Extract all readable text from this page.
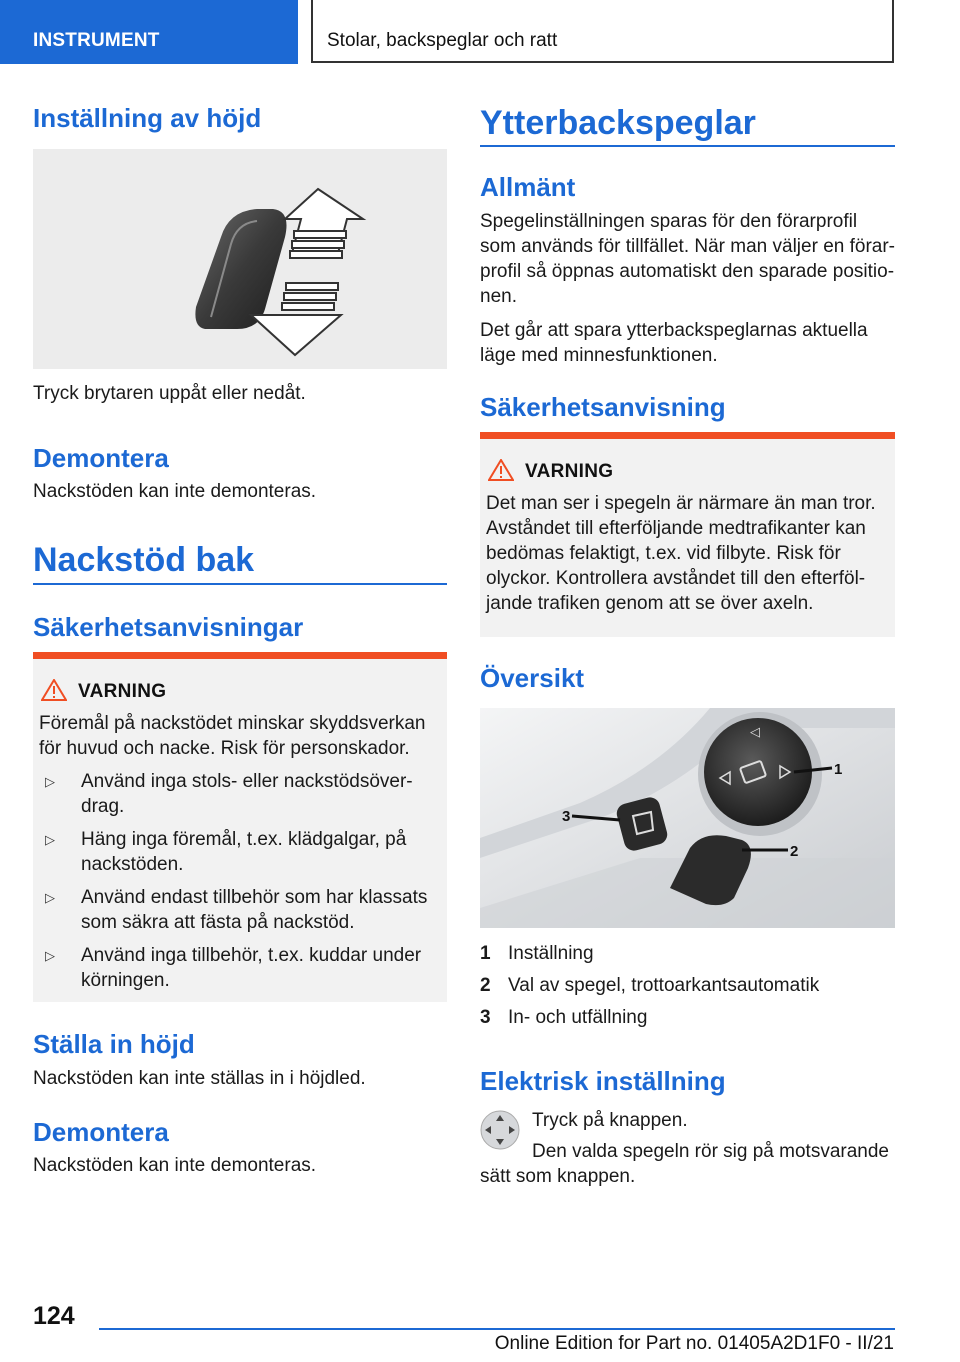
INSTRUMENT	Stolar, backspeglar och ratt
Inställning av höjd
Tryck brytaren uppåt eller nedåt.
Demontera
Nackstöden kan inte demonteras.
Nackstöd bak
Säkerhetsanvisningar
VARNING
Föremål på nackstödet minskar skyddsverkan för huvud och nacke. Risk för personskador.
▷ Använd inga stols- eller nackstödsöver-drag.
▷ Häng inga föremål, t.ex. klädgalgar, på nackstöden.
▷ Använd endast tillbehör som har klassats som säkra att fästa på nackstöd.
▷ Använd inga tillbehör, t.ex. kuddar under körningen.
Ställa in höjd
Nackstöden kan inte ställas in i höjdled.
Demontera
Nackstöden kan inte demonteras.
Ytterbackspeglar
Allmänt
Spegelinställningen sparas för den förarprofil som används för tillfället. När man väljer en förar-profil så öppnas automatiskt den sparade positio-nen.
Det går att spara ytterbackspeglarnas aktuella läge med minnesfunktionen.
Säkerhetsanvisning
VARNING
Det man ser i spegeln är närmare än man tror. Avståndet till efterföljande medtrafikanter kan bedömas felaktigt, t.ex. vid filbyte. Risk för olyckor. Kontrollera avståndet till den efterföl-jande trafiken genom att se över axeln.
Översikt
◁
1
2
3
1 Inställning
2 Val av spegel, trottoarkantsautomatik
3 In- och utfällning
Elektrisk inställning
Tryck på knappen.
Den valda spegeln rör sig på motsvarande sätt som knappen.
124
Online Edition for Part no. 01405A2D1F0 - II/21
